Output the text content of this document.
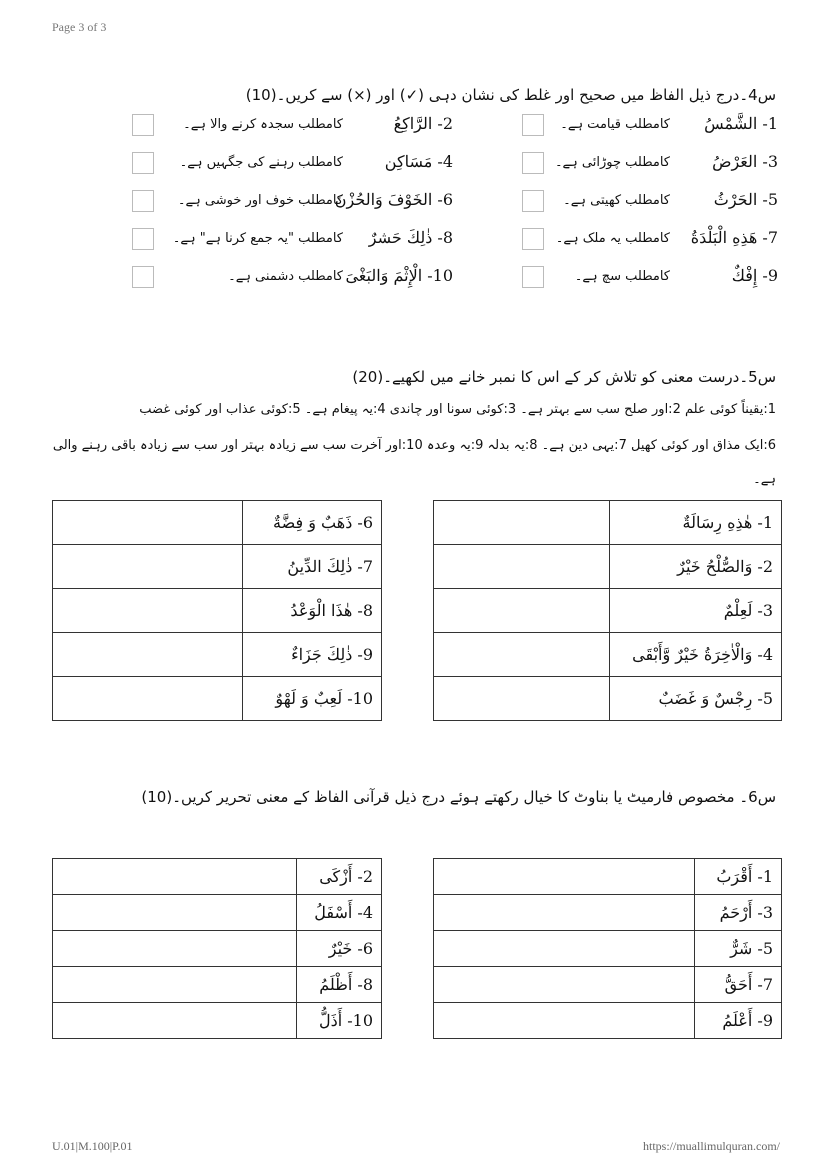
Page 3 of 3
س4۔درج ذیل الفاظ میں صحیح اور غلط کی نشان دہی (✓) اور (×) سے کریں۔(10)
1- الشَّمْسُ
کامطلب قیامت ہے۔
2- الرَّاكِعُ
کامطلب سجدہ کرنے والا ہے۔
3- العَرْضُ
کامطلب چوڑائی ہے۔
4- مَسَاكِن
کامطلب رہنے کی جگہیں ہے۔
5- الحَرْثُ
کامطلب کھیتی ہے۔
6- الخَوْفَ وَالحُزْنَ
کامطلب خوف اور خوشی ہے۔
7- هَذِهِ الْبَلْدَةُ
کامطلب یہ ملک ہے۔
8- ذٰلِكَ حَشرٌ
کامطلب "یہ جمع کرنا ہے" ہے۔
9- إِفْكٌ
کامطلب سچ ہے۔
10- الْإِثْمَ وَالبَغْىَ
کامطلب دشمنی ہے۔
س5۔درست معنی کو تلاش کر کے اس کا نمبر خانے میں لکھیے۔(20)
1:یقیناً کوئی علم 2:اور صلح سب سے بہتر ہے۔ 3:کوئی سونا اور چاندی 4:یہ پیغام ہے۔ 5:کوئی عذاب اور کوئی غضب
6:ایک مذاق اور کوئی کھیل 7:یہی دین ہے۔ 8:یہ بدلہ 9:یہ وعدہ 10:اور آخرت سب سے زیادہ بہتر اور سب سے زیادہ باقی رہنے والی
ہے۔
	1- هٰذِهِ رِسَالَةٌ
	2- وَالصُّلْحُ خَيْرٌ
	3- لَعِلْمٌ
	4- وَالْاٰخِرَةُ خَيْرٌ وَّأَبْقَى
	5- رِجْسٌ وَ غَضَبٌ
	6- ذَهَبٌ وَ فِضَّةٌ
	7- ذٰلِكَ الدِّينُ
	8- هٰذَا الْوَعْدُ
	9- ذٰلِكَ جَزَاءٌ
	10- لَعِبٌ وَ لَهْوٌ
س6۔ مخصوص فارمیٹ یا بناوٹ کا خیال رکھتے ہوئے درج ذیل قرآنی الفاظ کے معنی تحریر کریں۔(10)
	1- أَقْرَبُ
	3- أَرْحَمُ
	5- شَرٌّ
	7- أَحَقُّ
	9- أَعْلَمُ
	2- أَزْكَى
	4- أَسْفَلُ
	6- خَيْرٌ
	8- أَظْلَمُ
	10- أَذَلُّ
U.01|M.100|P.01	https://muallimulquran.com/
